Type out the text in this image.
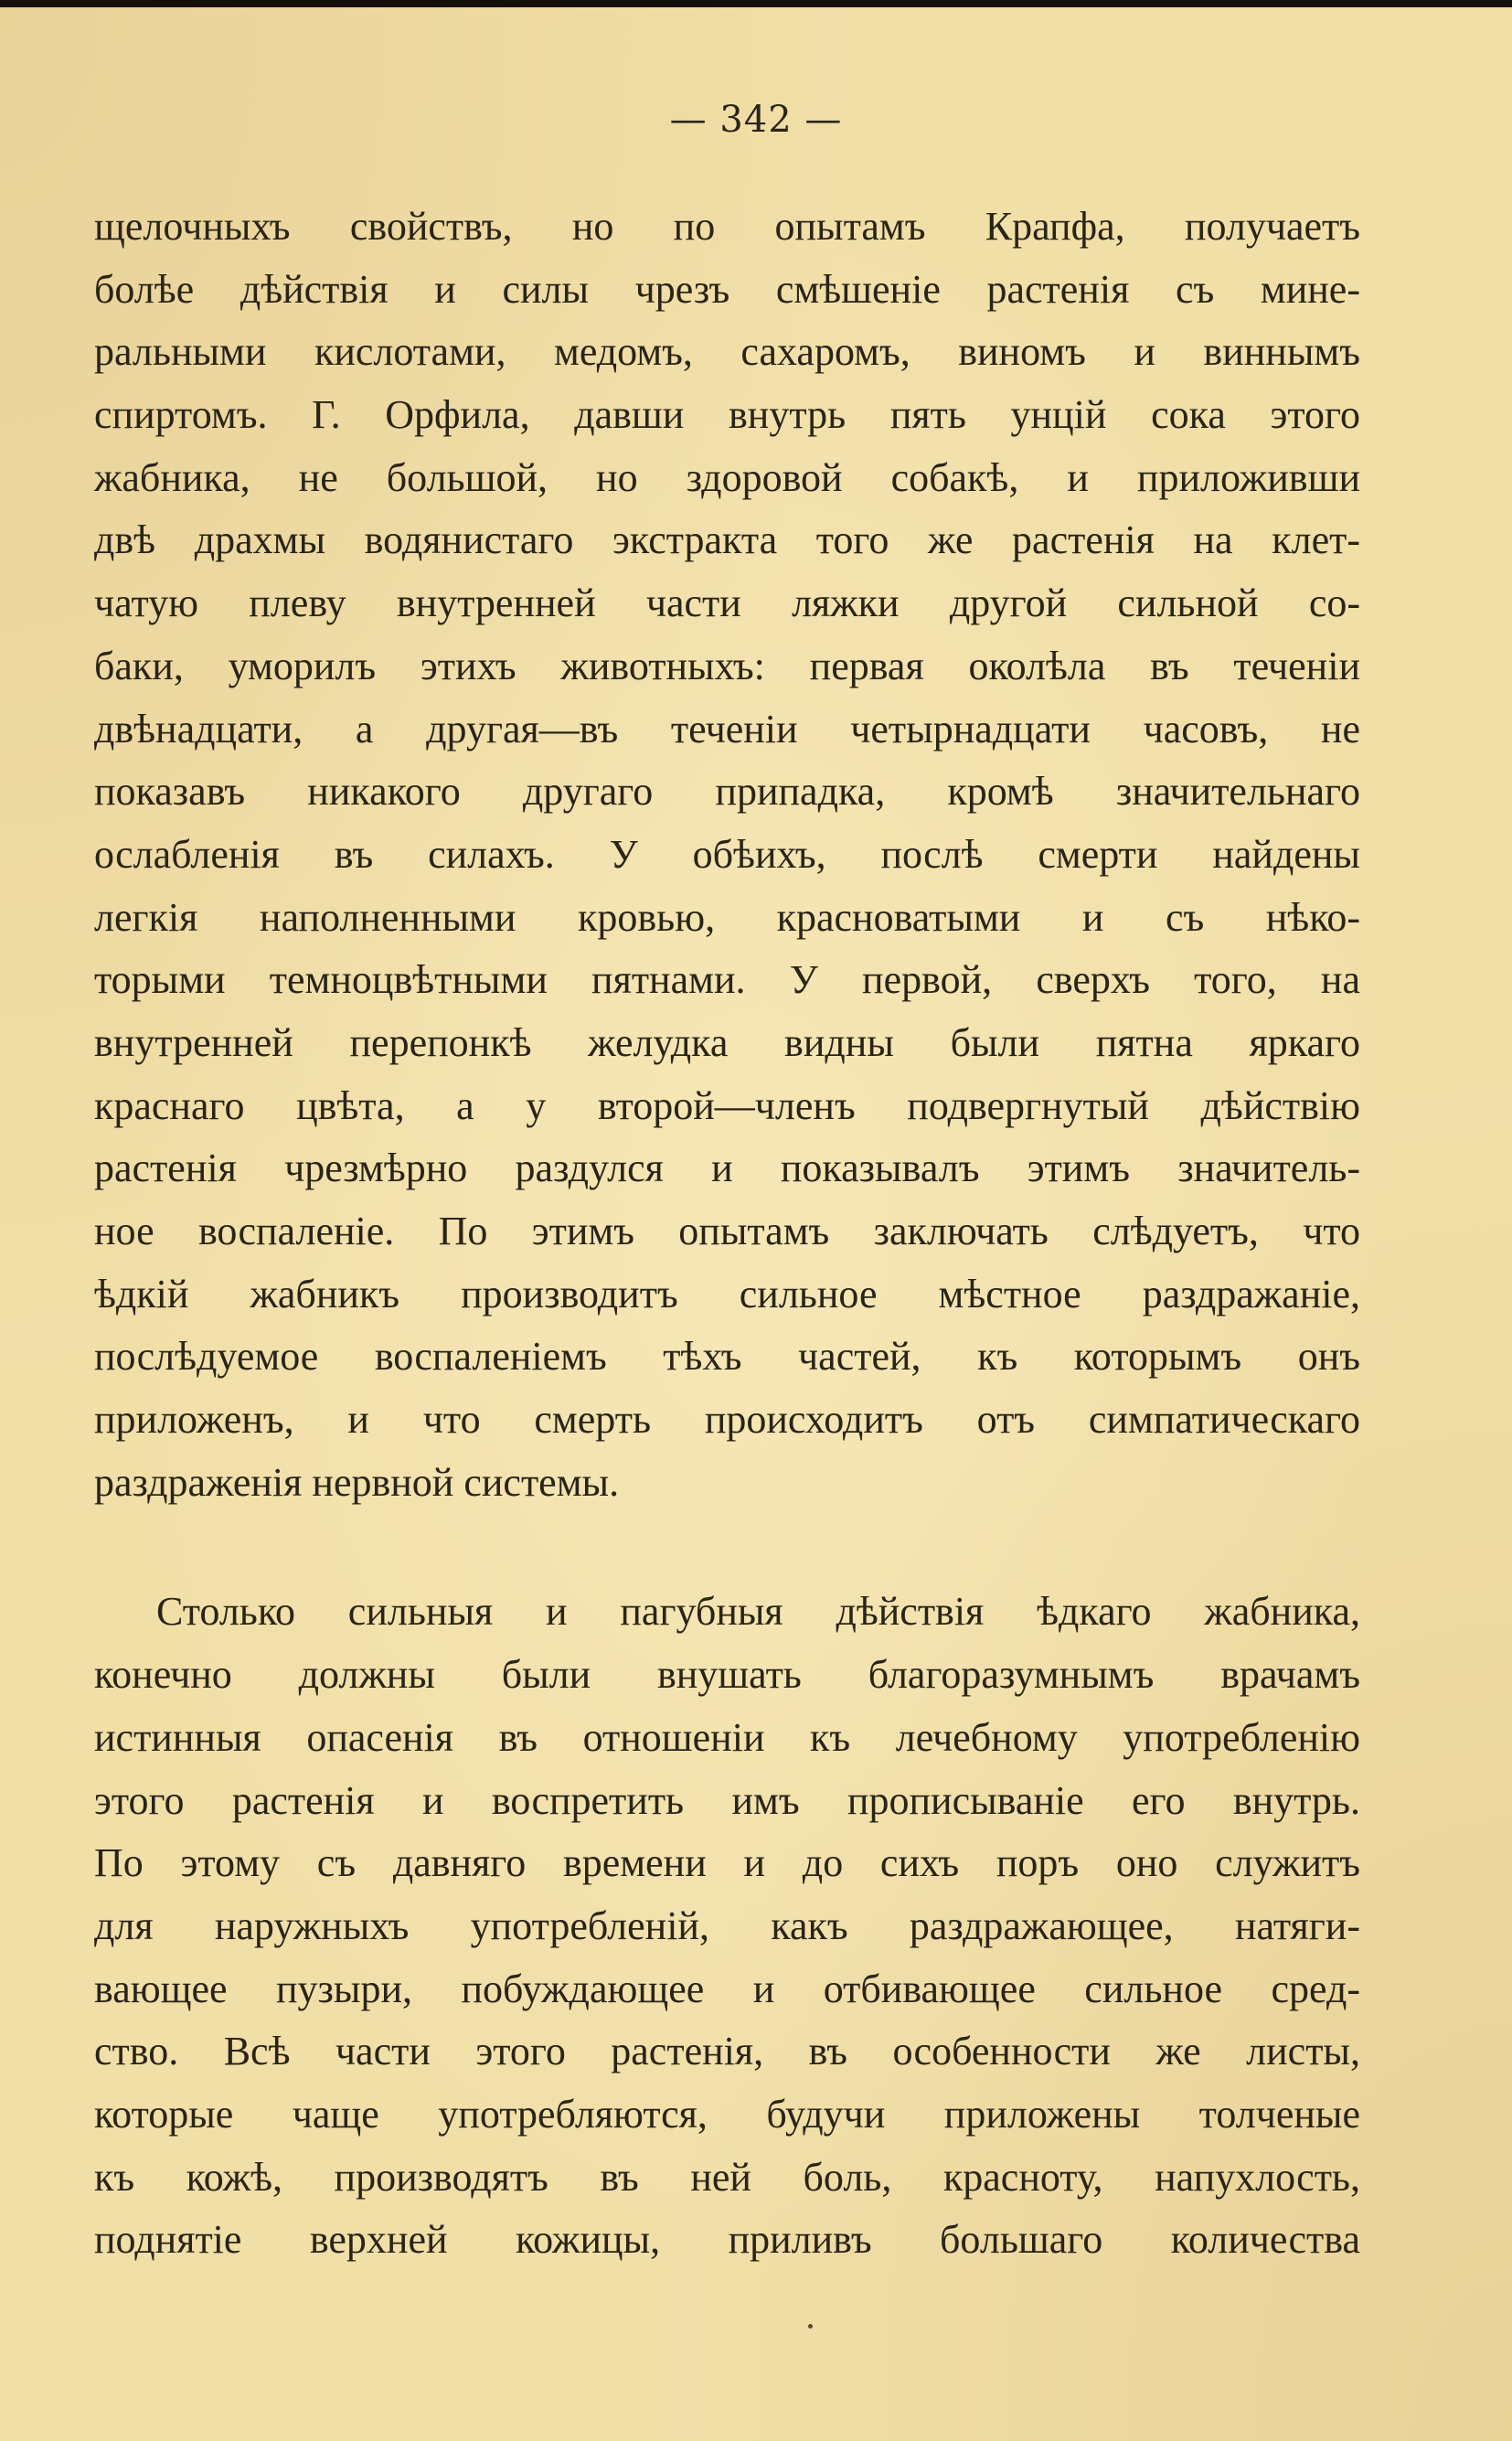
— 342 —
щелочныхъ свойствъ, но по опытамъ Крапфа, получаетъ
болѣе дѣйствія и силы чрезъ смѣшеніе растенія съ мине-
ральными кислотами, медомъ, сахаромъ, виномъ и виннымъ
спиртомъ. Г. Орфила, давши внутрь пять унцій сока этого
жабника, не большой, но здоровой собакѣ, и приложивши
двѣ драхмы водянистаго экстракта того же растенія на клет-
чатую плеву внутренней части ляжки другой сильной со-
баки, уморилъ этихъ животныхъ: первая околѣла въ теченіи
двѣнадцати, а другая—въ теченіи четырнадцати часовъ, не
показавъ никакого другаго припадка, кромѣ значительнаго
ослабленія въ силахъ. У обѣихъ, послѣ смерти найдены
легкія наполненными кровью, красноватыми и съ нѣко-
торыми темноцвѣтными пятнами. У первой, сверхъ того, на
внутренней перепонкѣ желудка видны были пятна яркаго
краснаго цвѣта, а у второй—членъ подвергнутый дѣйствію
растенія чрезмѣрно раздулся и показывалъ этимъ значитель-
ное воспаленіе. По этимъ опытамъ заключать слѣдуетъ, что
ѣдкій жабникъ производитъ сильное мѣстное раздражаніе,
послѣдуемое воспаленіемъ тѣхъ частей, къ которымъ онъ
приложенъ, и что смерть происходитъ отъ симпатическаго
раздраженія нервной системы.
Столько сильныя и пагубныя дѣйствія ѣдкаго жабника,
конечно должны были внушать благоразумнымъ врачамъ
истинныя опасенія въ отношеніи къ лечебному употребленію
этого растенія и воспретить имъ прописываніе его внутрь.
По этому съ давняго времени и до сихъ поръ оно служитъ
для наружныхъ употребленій, какъ раздражающее, натяги-
вающее пузыри, побуждающее и отбивающее сильное сред-
ство. Всѣ части этого растенія, въ особенности же листы,
которые чаще употребляются, будучи приложены толченые
къ кожѣ, производятъ въ ней боль, красноту, напухлость,
поднятіе верхней кожицы, приливъ большаго количества
